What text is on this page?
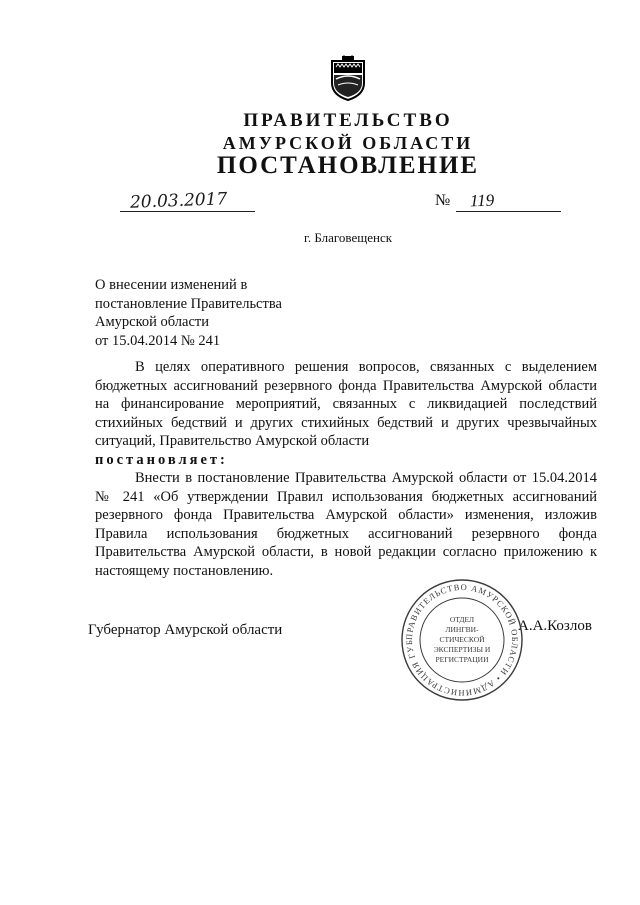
ПРАВИТЕЛЬСТВО
АМУРСКОЙ ОБЛАСТИ
ПОСТАНОВЛЕНИЕ
20.03.2017	№ 119
г. Благовещенск
О внесении изменений в
постановление Правительства
Амурской области
от 15.04.2014 № 241

В целях оперативного решения вопросов, связанных с выделением бюджетных ассигнований резервного фонда Правительства Амурской области на финансирование мероприятий, связанных с ликвидацией последствий стихийных бедствий и других стихийных бедствий и других чрезвычайных ситуаций, Правительство Амурской области

постановляет:

Внести в постановление Правительства Амурской области от 15.04.2014 № 241 «Об утверждении Правил использования бюджетных ассигнований резервного фонда Правительства Амурской области» изменения, изложив Правила использования бюджетных ассигнований резервного фонда Правительства Амурской области, в новой редакции согласно приложению к настоящему постановлению.

Губернатор Амурской области	А.А.Козлов
ПРАВИТЕЛЬСТВО АМУРСКОЙ ОБЛАСТИ • АДМИНИСТРАЦИЯ ГУБ
ОТДЕЛ
ЛИНГВИ-
СТИЧЕСКОЙ
ЭКСПЕРТИЗЫ И
РЕГИСТРАЦИИ
